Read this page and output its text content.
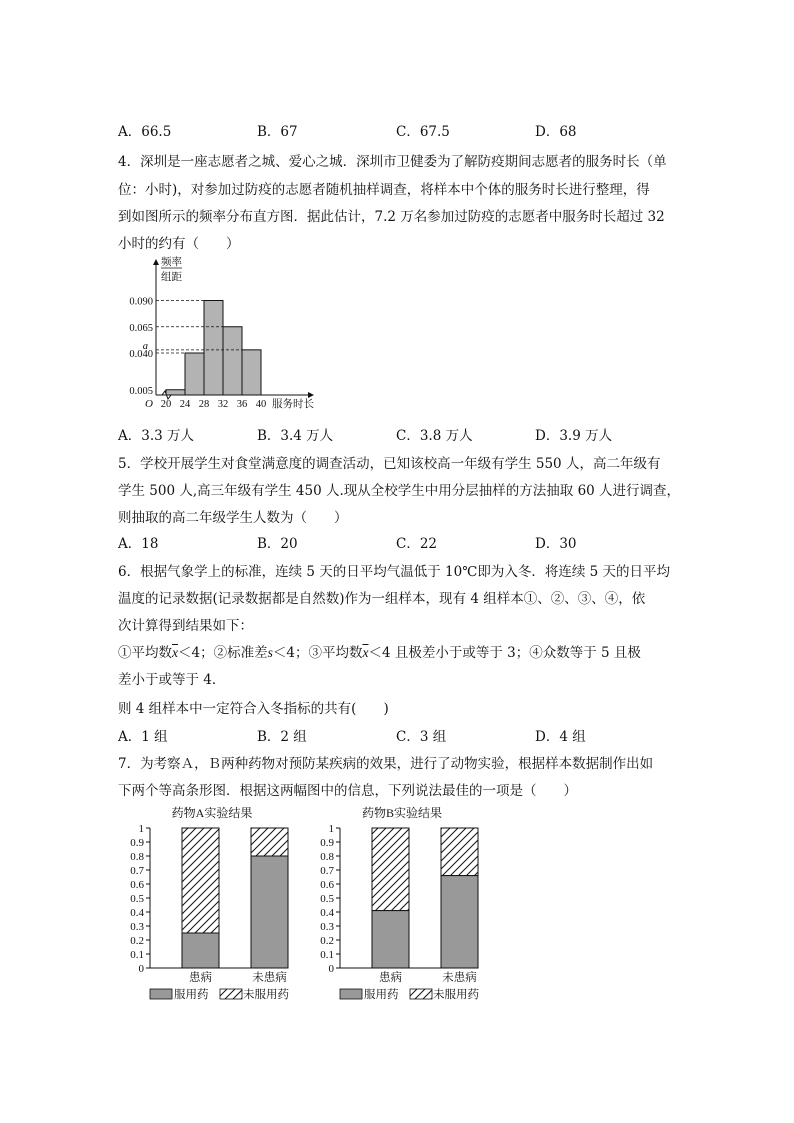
A．66.5	B．67	C．67.5	D．68
4．深圳是一座志愿者之城、爱心之城．深圳市卫健委为了解防疫期间志愿者的服务时长（单
位：小时)，对参加过防疫的志愿者随机抽样调查，将样本中个体的服务时长进行整理，得
到如图所示的频率分布直方图．据此估计，7.2 万名参加过防疫的志愿者中服务时长超过 32
小时的约有（　　）
0.005
0.040
a
0.065
0.090
20 24 28 32 36 40
O	服务时长
频率
组距
A．3.3 万人	B．3.4 万人	C．3.8 万人	D．3.9 万人
5．学校开展学生对食堂满意度的调查活动，已知该校高一年级有学生 550 人，高二年级有
学生 500 人,高三年级有学生 450 人.现从全校学生中用分层抽样的方法抽取 60 人进行调查，
则抽取的高二年级学生人数为（　　）
A．18	B．20	C．22	D．30
6．根据气象学上的标准，连续 5 天的日平均气温低于 10℃即为入冬．将连续 5 天的日平均
温度的记录数据(记录数据都是自然数)作为一组样本，现有 4 组样本①、②、③、④，依
次计算得到结果如下：
①平均数$\overline{x}<4$；②标准差s＜4；③平均数$\overline{x}<4$ 且极差小于或等于 3；④众数等于 5 且极
差小于或等于 4．
则 4 组样本中一定符合入冬指标的共有(　　)
A．1 组	B．2 组	C．3 组	D．4 组
7．为考察Ａ，Ｂ两种药物对预防某疾病的效果，进行了动物实验，根据样本数据制作出如
下两个等高条形图．根据这两幅图中的信息，下列说法最佳的一项是（　　）
药物A实验结果
0
0.1
0.2
0.3
0.4
0.5
0.6
0.7
0.8
0.9
1
患病	未患病
服用药	未服用药
药物B实验结果
0
0.1
0.2
0.3
0.4
0.5
0.6
0.7
0.8
0.9
1
患病	未患病
服用药	未服用药
